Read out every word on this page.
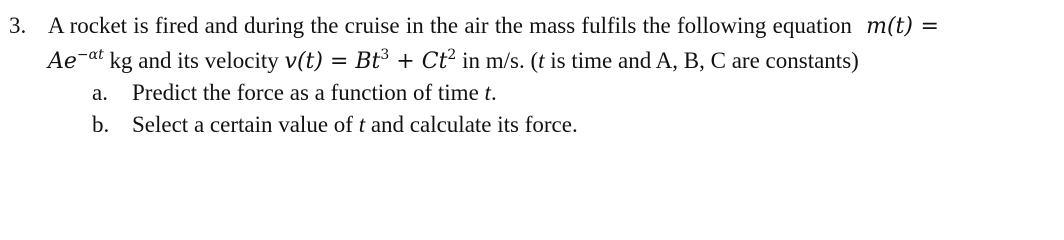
3. A rocket is fired and during the cruise in the air the mass fulfils the following equation m(t) =
$Ae^{-\alpha t}$ kg and its velocity $v(t) = Bt^3 + Ct^2$ in m/s. (t is time and A, B, C are constants)
a. Predict the force as a function of time t.
b. Select a certain value of t and calculate its force.
